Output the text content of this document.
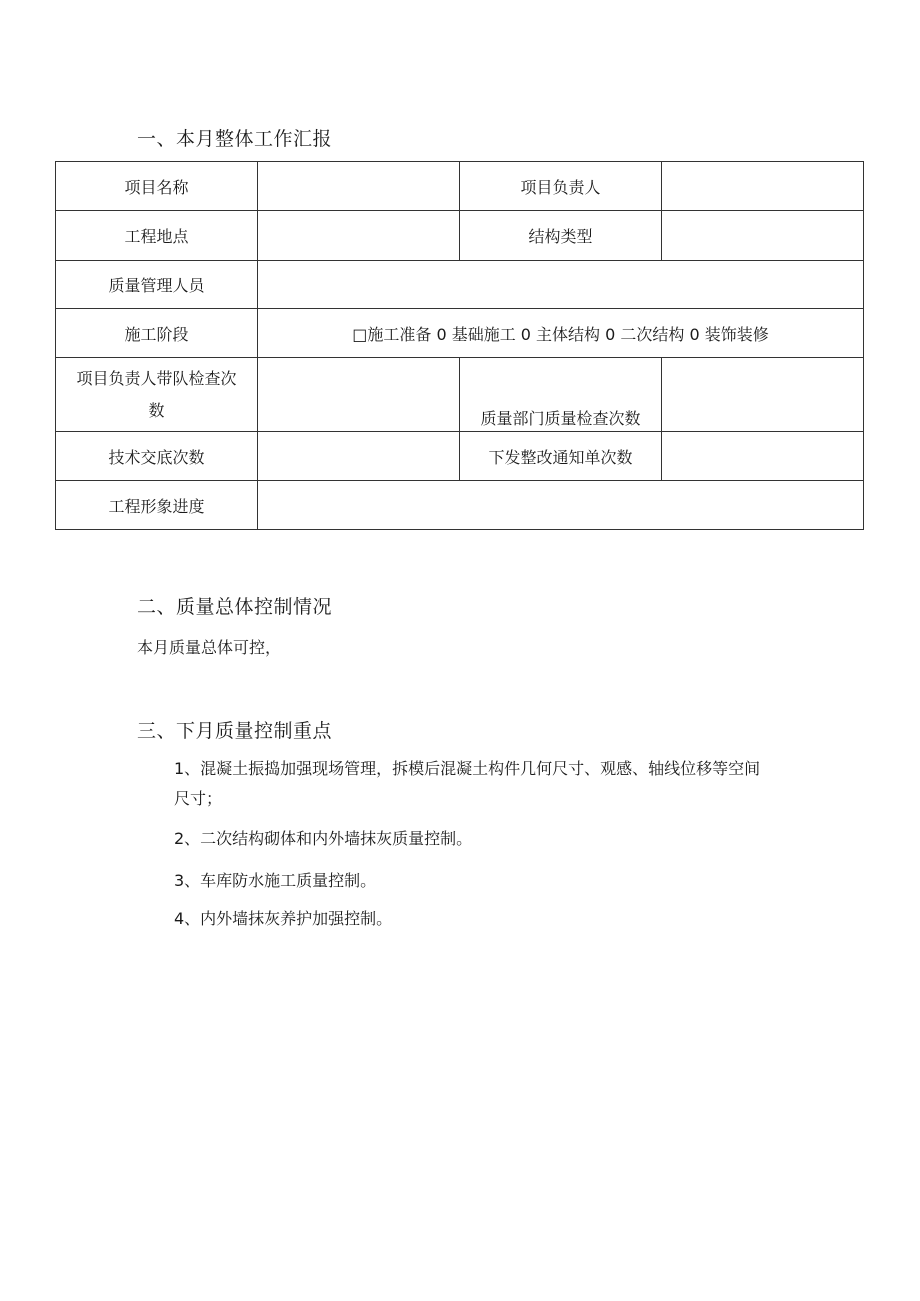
一、本月整体工作汇报
项目名称		项目负责人	
工程地点		结构类型	
质量管理人员			
施工阶段	□施工准备 0 基础施工 0 主体结构 0 二次结构 0 装饰装修		

项目负责人带队检查次
数		质量部门质量检查次数	
技术交底次数		下发整改通知单次数	
工程形象进度			
二、质量总体控制情况

本月质量总体可控，

三、下月质量控制重点

1、混凝土振捣加强现场管理，拆模后混凝土构件几何尺寸、观感、轴线位移等空间

尺寸；

2、二次结构砌体和内外墙抹灰质量控制。

3、车库防水施工质量控制。

4、内外墙抹灰养护加强控制。
